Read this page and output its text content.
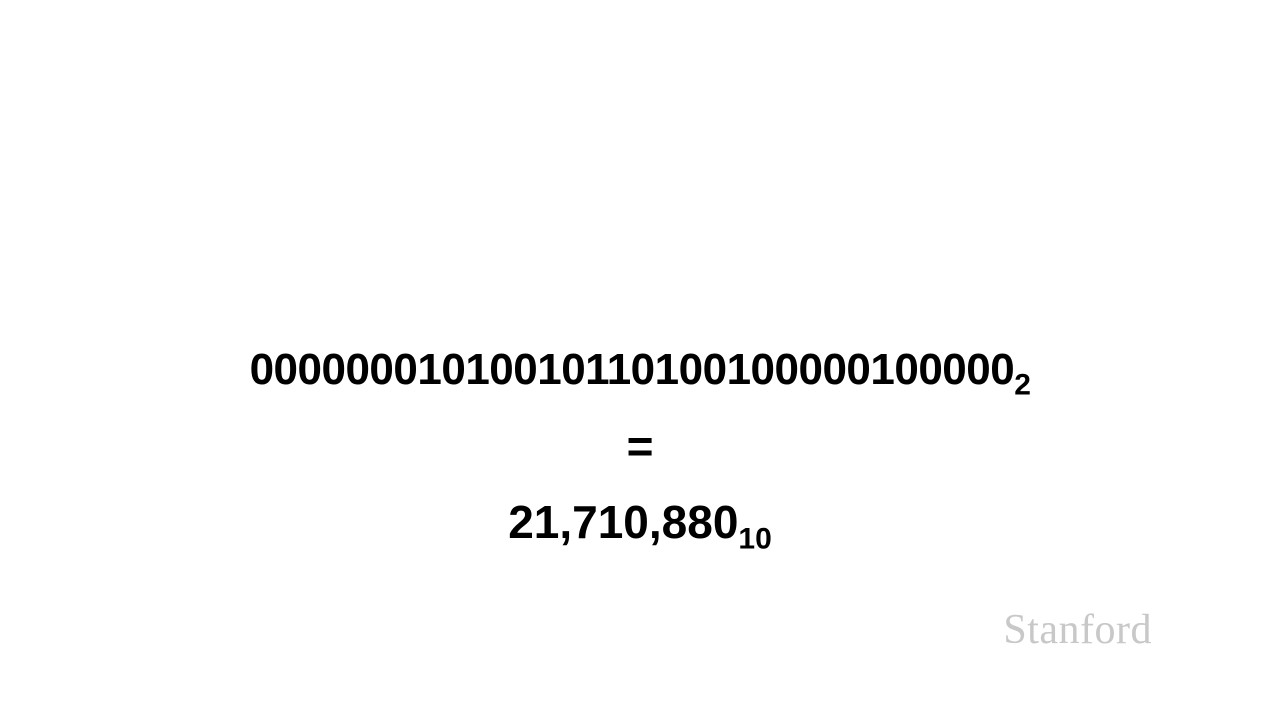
$00000001010010110100100000100000_2$
=
$21,710,880_{10}$
Stanford
